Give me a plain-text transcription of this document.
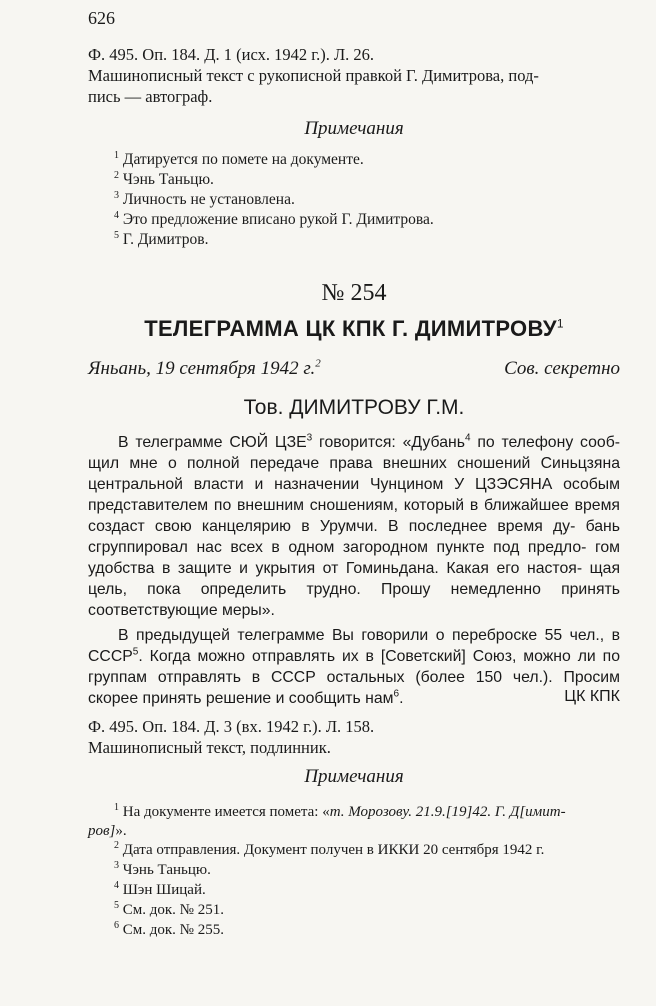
626
Ф. 495. Оп. 184. Д. 1 (исх. 1942 г.). Л. 26.
Машинописный текст с рукописной правкой Г. Димитрова, под-
пись — автограф.
Примечания
$^1$ Датируется по помете на документе.
$^2$ Чэнь Таньцю.
$^3$ Личность не установлена.
$^4$ Это предложение вписано рукой Г. Димитрова.
$^5$ Г. Димитров.
№ 254
ТЕЛЕГРАММА ЦК КПК Г. ДИМИТРОВУ$^1$
Яньань, 19 сентября 1942 г.$^2$	Сов. секретно
Тов. ДИМИТРОВУ Г.М.

В телеграмме СЮЙ ЦЗЕ$^3$ говорится: «Дубань$^4$ по телефону сооб- щил мне о полной передаче права внешних сношений Синьцзяна центральной власти и назначении Чунцином У ЦЗЭСЯНА особым представителем по внешним сношениям, который в ближайшее время создаст свою канцелярию в Урумчи. В последнее время ду- бань сгруппировал нас всех в одном загородном пункте под предло- гом удобства в защите и укрытия от Гоминьдана. Какая его настоя- щая цель, пока определить трудно. Прошу немедленно принять соответствующие меры».

В предыдущей телеграмме Вы говорили о переброске 55 чел., в СССР$^5$. Когда можно отправлять их в [Советский] Союз, можно ли по группам отправлять в СССР остальных (более 150 чел.). Просим скорее принять решение и сообщить нам$^6$.	ЦК КПК
Ф. 495. Оп. 184. Д. 3 (вх. 1942 г.). Л. 158.
Машинописный текст, подлинник.
Примечания
$^1$ На документе имеется помета: «т. Морозову. 21.9.[19]42. Г. Д[имит-
ров]».
$^2$ Дата отправления. Документ получен в ИККИ 20 сентября 1942 г.
$^3$ Чэнь Таньцю.
$^4$ Шэн Шицай.
$^5$ См. док. № 251.
$^6$ См. док. № 255.
